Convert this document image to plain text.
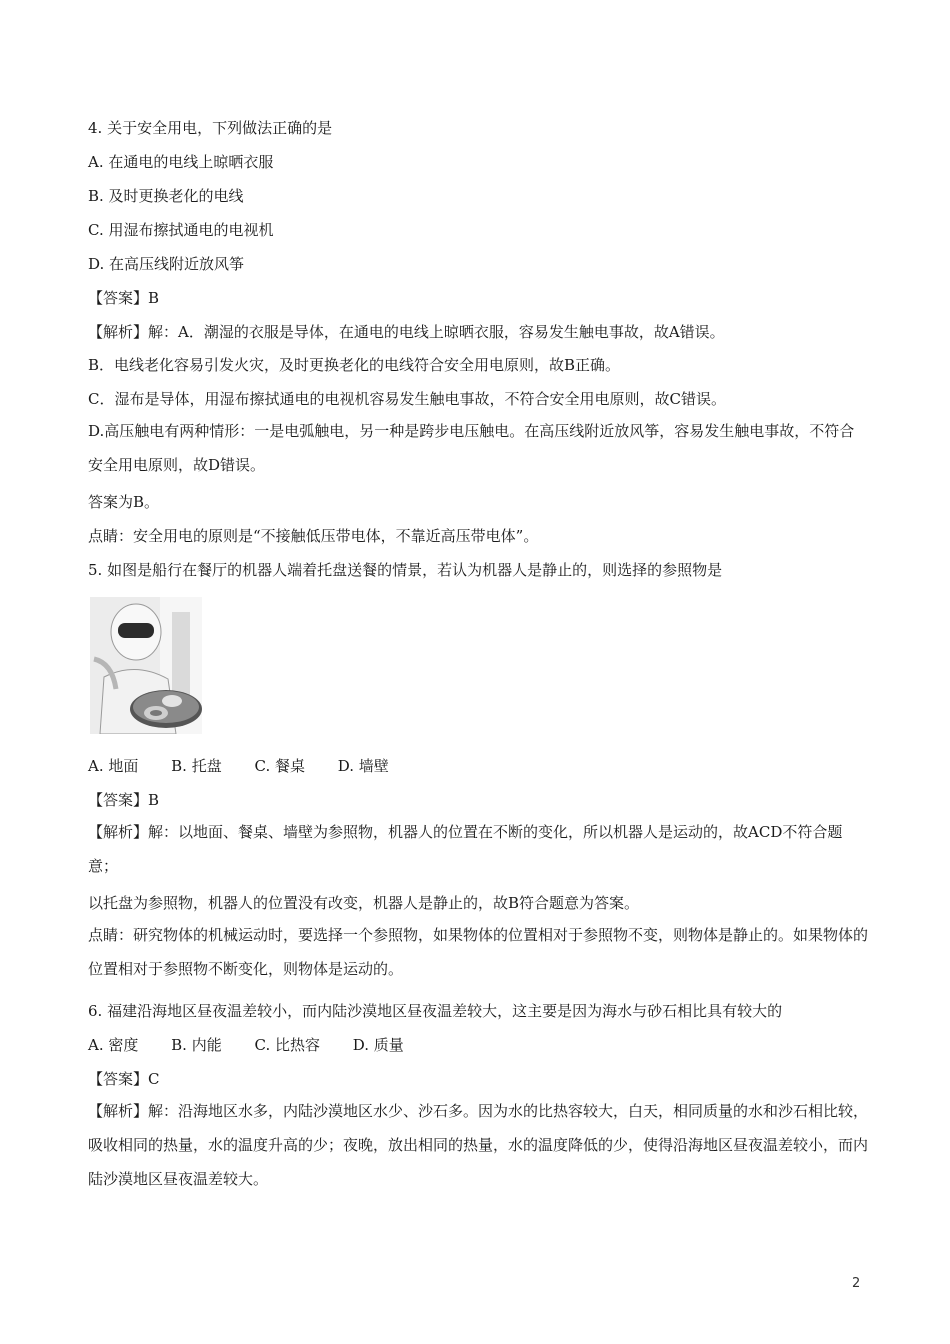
4. 关于安全用电，下列做法正确的是
A. 在通电的电线上晾晒衣服
B. 及时更换老化的电线
C. 用湿布擦拭通电的电视机
D. 在高压线附近放风筝
【答案】B
【解析】解：A．潮湿的衣服是导体，在通电的电线上晾晒衣服，容易发生触电事故，故A错误。
B．电线老化容易引发火灾，及时更换老化的电线符合安全用电原则，故B正确。
C．湿布是导体，用湿布擦拭通电的电视机容易发生触电事故，不符合安全用电原则，故C错误。
D.高压触电有两种情形：一是电弧触电，另一种是跨步电压触电。在高压线附近放风筝，容易发生触电事故，不符合安全用电原则，故D错误。
答案为B。
点睛：安全用电的原则是“不接触低压带电体，不靠近高压带电体”。
5. 如图是船行在餐厅的机器人端着托盘送餐的情景，若认为机器人是静止的，则选择的参照物是
A. 地面 B. 托盘 C. 餐桌 D. 墙壁
【答案】B
【解析】解：以地面、餐桌、墙壁为参照物，机器人的位置在不断的变化，所以机器人是运动的，故ACD不符合题意；
以托盘为参照物，机器人的位置没有改变，机器人是静止的，故B符合题意为答案。
点睛：研究物体的机械运动时，要选择一个参照物，如果物体的位置相对于参照物不变，则物体是静止的。如果物体的位置相对于参照物不断变化，则物体是运动的。
6. 福建沿海地区昼夜温差较小，而内陆沙漠地区昼夜温差较大，这主要是因为海水与砂石相比具有较大的
A. 密度 B. 内能 C. 比热容 D. 质量
【答案】C
【解析】解：沿海地区水多，内陆沙漠地区水少、沙石多。因为水的比热容较大，白天，相同质量的水和沙石相比较，吸收相同的热量，水的温度升高的少；夜晚，放出相同的热量，水的温度降低的少，使得沿海地区昼夜温差较小，而内陆沙漠地区昼夜温差较大。
2
